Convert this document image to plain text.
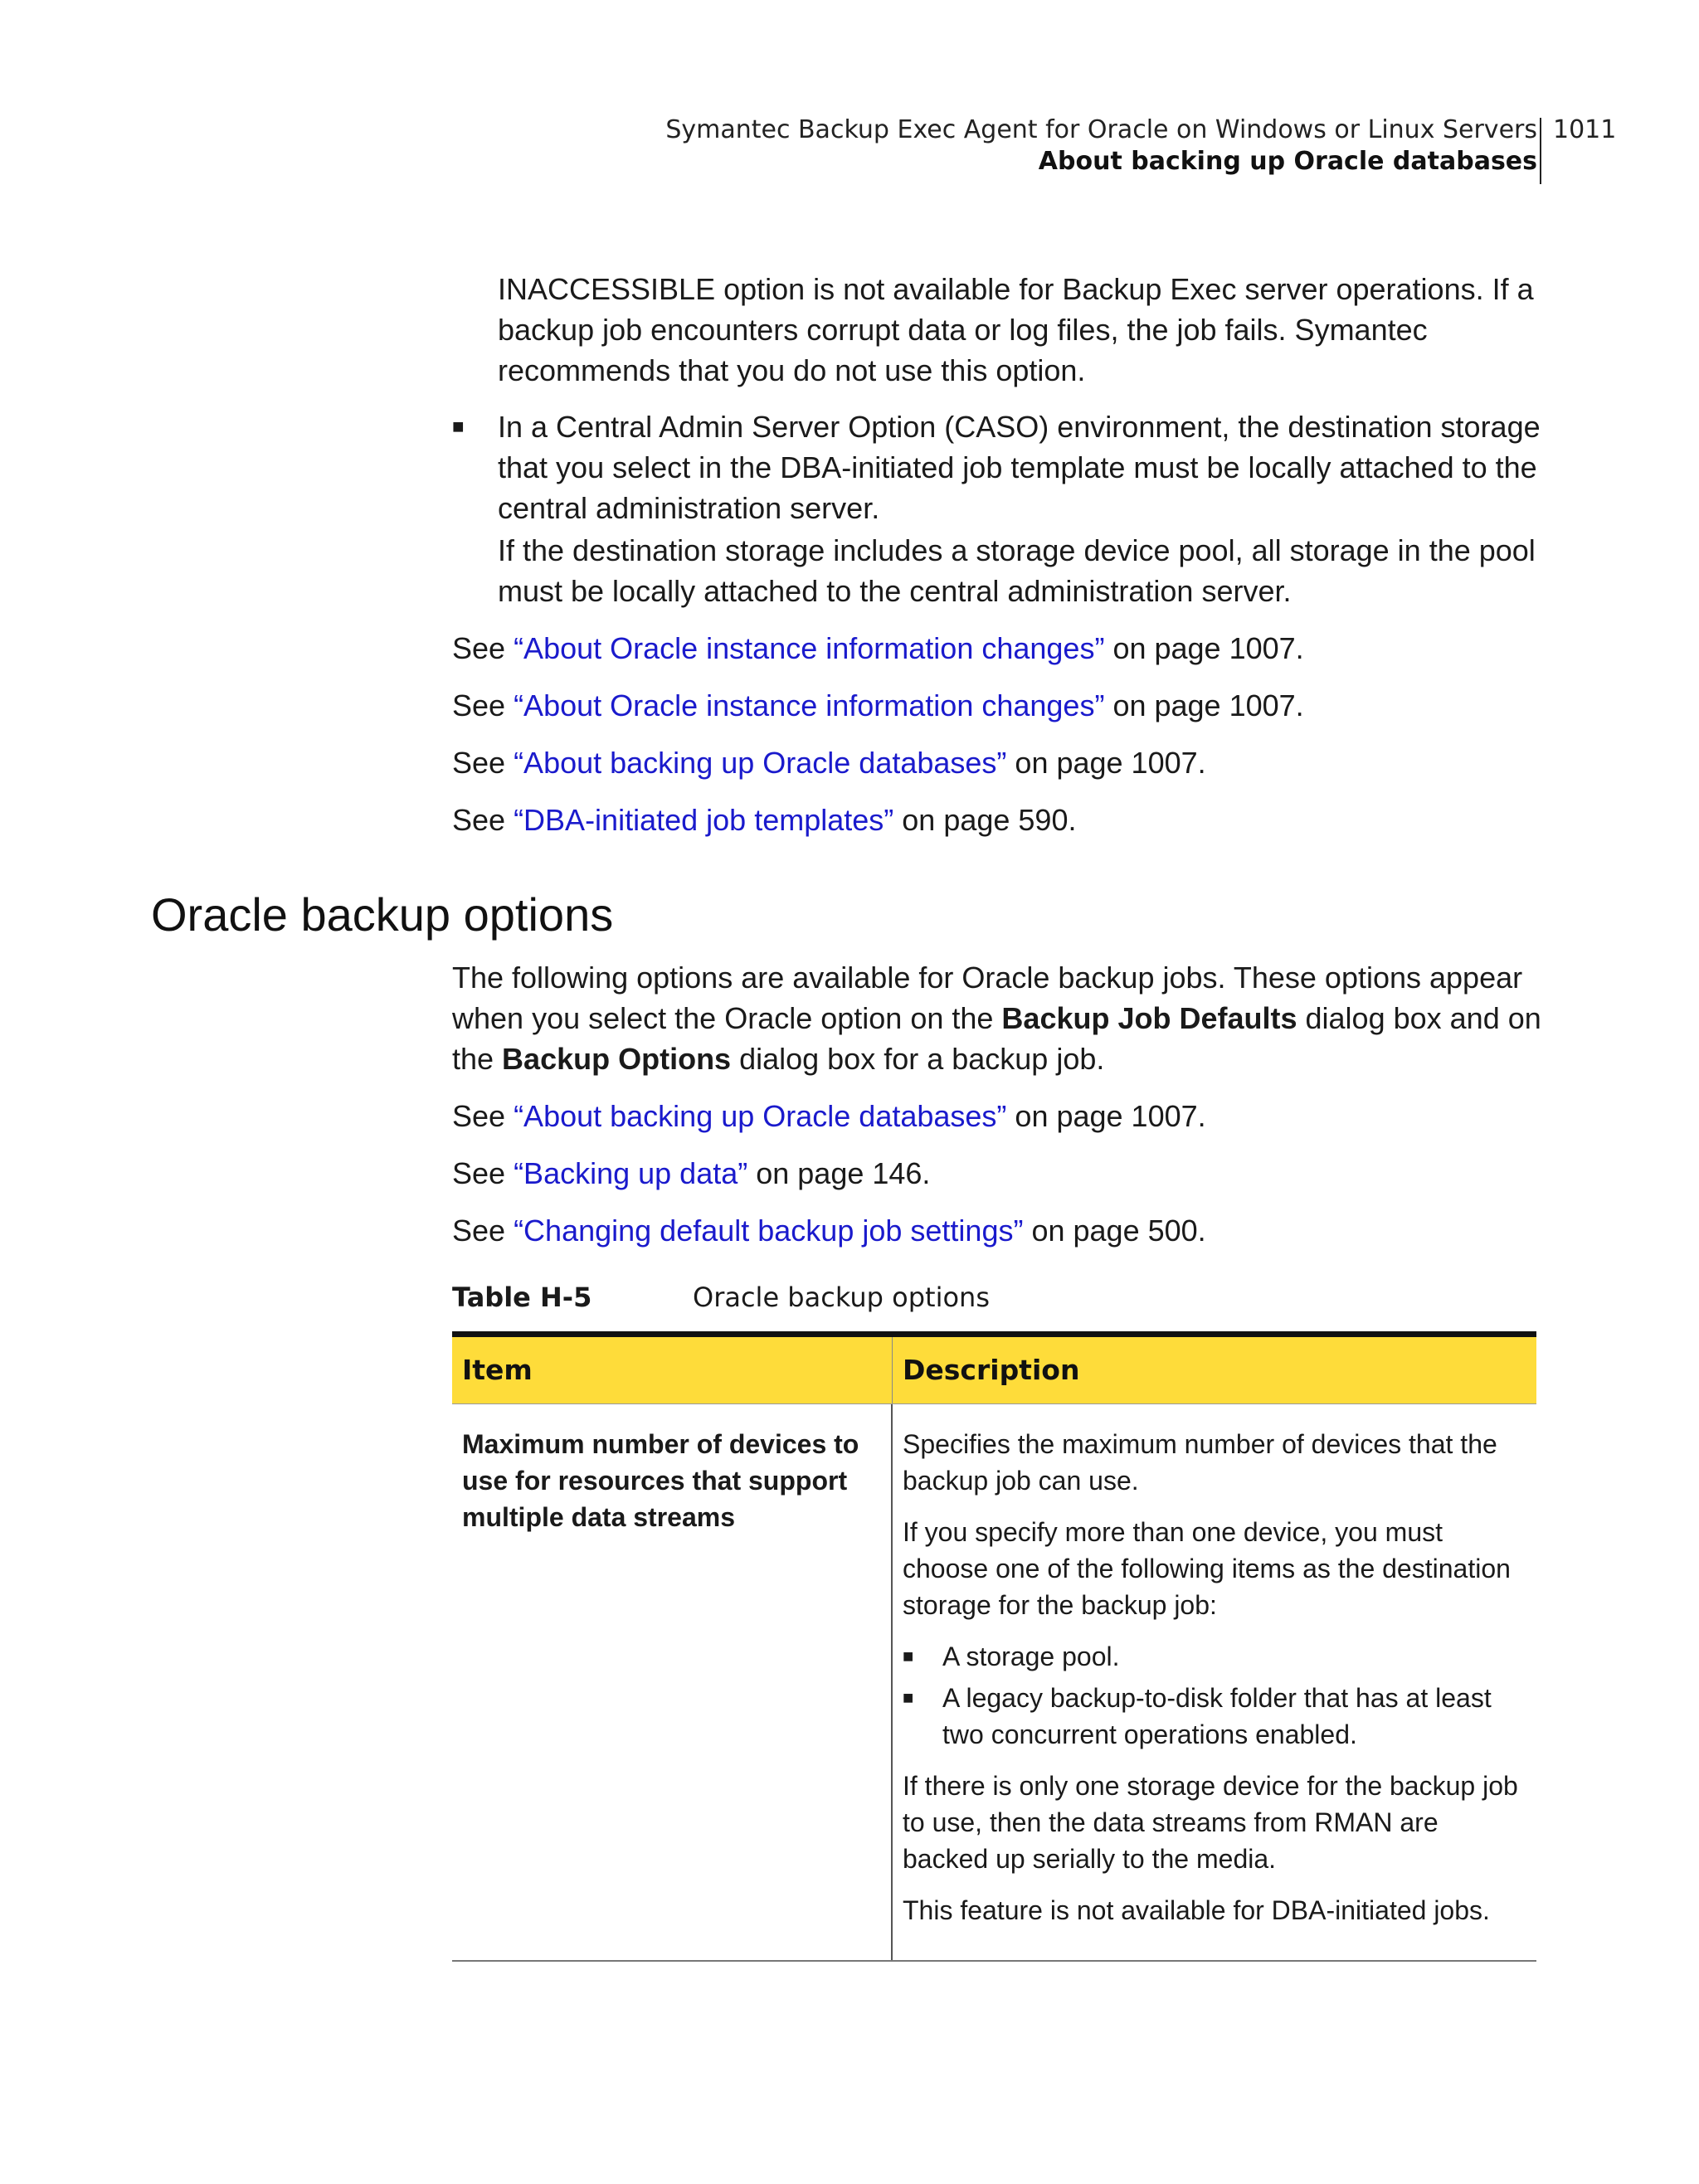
Symantec Backup Exec Agent for Oracle on Windows or Linux Servers
About backing up Oracle databases
1011
INACCESSIBLE option is not available for Backup Exec server operations. If a backup job encounters corrupt data or log files, the job fails. Symantec recommends that you do not use this option.
■ In a Central Admin Server Option (CASO) environment, the destination storage that you select in the DBA-initiated job template must be locally attached to the central administration server.

If the destination storage includes a storage device pool, all storage in the pool must be locally attached to the central administration server.

See “About Oracle instance information changes” on page 1007.
See “About Oracle instance information changes” on page 1007.
See “About backing up Oracle databases” on page 1007.
See “DBA-initiated job templates” on page 590.
Oracle backup options

The following options are available for Oracle backup jobs. These options appear when you select the Oracle option on the Backup Job Defaults dialog box and on the Backup Options dialog box for a backup job.

See “About backing up Oracle databases” on page 1007.
See “Backing up data” on page 146.
See “Changing default backup job settings” on page 500.
Table H-5	Oracle backup options
Item	Description
Maximum number of devices to use for resources that support multiple data streams

Specifies the maximum number of devices that the backup job can use.

If you specify more than one device, you must choose one of the following items as the destination storage for the backup job:

■ A storage pool.
■ A legacy backup-to-disk folder that has at least two concurrent operations enabled.

If there is only one storage device for the backup job to use, then the data streams from RMAN are backed up serially to the media.

This feature is not available for DBA-initiated jobs.
